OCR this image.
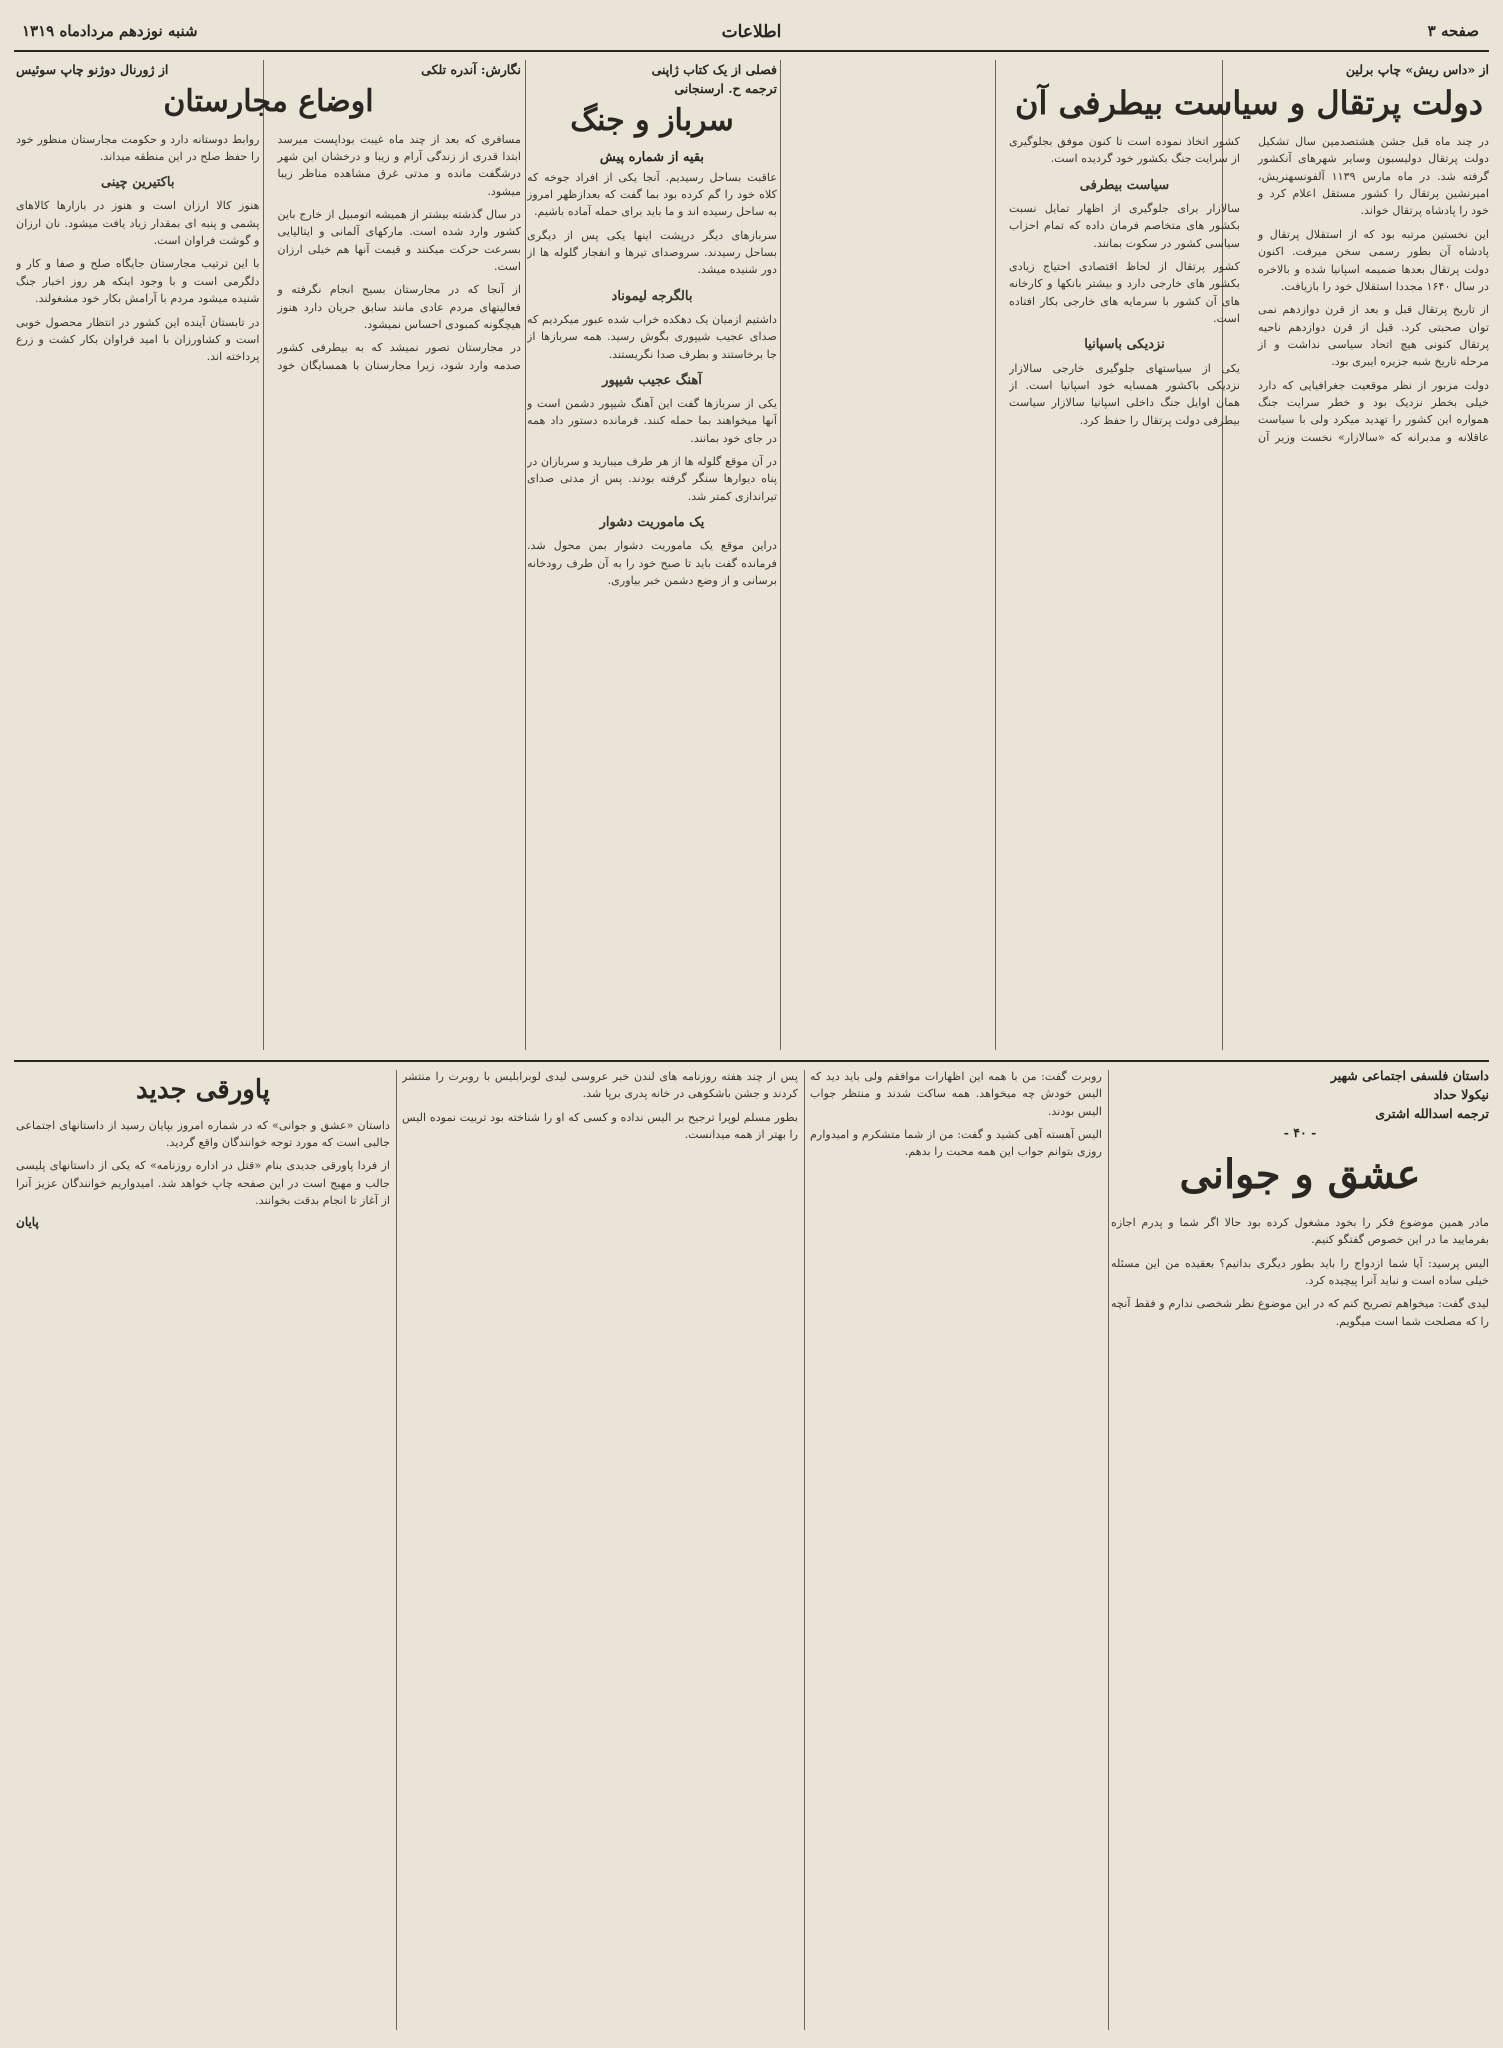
صفحه ۳
اطلاعات
شنبه نوزدهم مردادماه ۱۳۱۹
از «داس ریش» چاپ برلین
دولت پرتقال و سیاست بیطرفی آن

در چند ماه قبل جشن هشتصدمین سال تشکیل دولت پرتقال دولیسبون وسایر شهرهای آنکشور گرفته شد. در ماه مارس ۱۱۳۹ آلفونسهنریش، امیرنشین پرتقال را کشور مستقل اعلام کرد و خود را پادشاه پرتقال خواند.

این نخستین مرتبه بود که از استقلال پرتقال و پادشاه آن بطور رسمی سخن میرفت. اکنون دولت پرتقال بعدها ضمیمه اسپانیا شده و بالاخره در سال ۱۶۴۰ مجددا استقلال خود را بازیافت.

از تاریخ پرتقال قبل و بعد از قرن دوازدهم نمی توان صحبتی کرد. قبل از قرن دوازدهم ناحیه پرتقال کنونی هیچ اتحاد سیاسی نداشت و از مرحله تاریخ شبه جزیره ایبری بود.

دولت مزبور از نظر موقعیت جغرافیایی که دارد خیلی بخطر نزدیک بود و خطر سرایت جنگ همواره این کشور را تهدید میکرد ولی با سیاست عاقلانه و مدبرانه که «سالازار» نخست وزیر آن کشور اتخاذ نموده است تا کنون موفق بجلوگیری از سرایت جنگ بکشور خود گردیده است.

سیاست بیطرفی

سالازار برای جلوگیری از اظهار تمایل نسبت بکشور های متخاصم فرمان داده که تمام احزاب سیاسی کشور در سکوت بمانند.

کشور پرتقال از لحاظ اقتصادی احتیاج زیادی بکشور های خارجی دارد و بیشتر بانکها و کارخانه های آن کشور با سرمایه های خارجی بکار افتاده است.

نزدیکی باسپانیا

یکی از سیاستهای جلوگیری خارجی سالازار نزدیکی باکشور همسایه خود اسپانیا است. از همان اوایل جنگ داخلی اسپانیا سالازار سیاست بیطرفی دولت پرتقال را حفظ کرد.

فصلی از یک کتاب ژاپنی
ترجمه ح. ارسنجانی
سرباز و جنگ
بقیه از شماره پیش

عاقبت بساحل رسیدیم. آنجا یکی از افراد جوخه که کلاه خود را گم کرده بود بما گفت که بعدازظهر امروز به ساحل رسیده اند و ما باید برای حمله آماده باشیم.

سربازهای دیگر درپشت اینها یکی پس از دیگری بساحل رسیدند. سروصدای تیرها و انفجار گلوله ها از دور شنیده میشد.

بالگرجه لیموناد

داشتیم ازمیان یک دهکده خراب شده عبور میکردیم که صدای عجیب شیپوری بگوش رسید. همه سربازها از جا برخاستند و بطرف صدا نگریستند.

آهنگ عجیب شیپور

یکی از سربازها گفت این آهنگ شیپور دشمن است و آنها میخواهند بما حمله کنند. فرمانده دستور داد همه در جای خود بمانند.

در آن موقع گلوله ها از هر طرف میبارید و سربازان در پناه دیوارها سنگر گرفته بودند. پس از مدتی صدای تیراندازی کمتر شد.

یک ماموریت دشوار

دراین موقع یک ماموریت دشوار بمن محول شد. فرمانده گفت باید تا صبح خود را به آن طرف رودخانه برسانی و از وضع دشمن خبر بیاوری.

از ژورنال دوژنو چاپ سوئیس	نگارش: آندره تلکی
اوضاع مجارستان

مسافری که بعد از چند ماه غیبت بوداپست میرسد ابتدا قدری از زندگی آرام و زیبا و درخشان این شهر درشگفت مانده و مدتی غرق مشاهده مناظر زیبا میشود.

در سال گذشته بیشتر از همیشه اتومبیل از خارج باین کشور وارد شده است. مارکهای آلمانی و ایتالیایی بسرعت حرکت میکنند و قیمت آنها هم خیلی ارزان است.

از آنجا که در مجارستان بسیج انجام نگرفته و فعالیتهای مردم عادی مانند سابق جریان دارد هنوز هیچگونه کمبودی احساس نمیشود.

در مجارستان تصور نمیشد که به بیطرفی کشور صدمه وارد شود، زیرا مجارستان با همسایگان خود روابط دوستانه دارد و حکومت مجارستان منظور خود را حفظ صلح در این منطقه میداند.

باکتیرین چینی

هنوز کالا ارزان است و هنوز در بازارها کالاهای پشمی و پنبه ای بمقدار زیاد یافت میشود. نان ارزان و گوشت فراوان است.

با این ترتیب مجارستان جایگاه صلح و صفا و کار و دلگرمی است و با وجود اینکه هر روز اخبار جنگ شنیده میشود مردم با آرامش بکار خود مشغولند.

در تابستان آینده این کشور در انتظار محصول خوبی است و کشاورزان با امید فراوان بکار کشت و زرع پرداخته اند.

داستان فلسفی اجتماعی شهیر
نیکولا حداد
ترجمه اسدالله اشتری
- ۴۰ -
عشق و جوانی

مادر همین موضوع فکر را بخود مشغول کرده بود حالا اگر شما و پدرم اجازه بفرمایید ما در این خصوص گفتگو کنیم.

الیس پرسید: آیا شما ازدواج را باید بطور دیگری بدانیم؟ بعقیده من این مسئله خیلی ساده است و نباید آنرا پیچیده کرد.

لیدی گفت: میخواهم تصریح کنم که در این موضوع نظر شخصی ندارم و فقط آنچه را که مصلحت شما است میگویم.

روبرت گفت: من با همه این اظهارات موافقم ولی باید دید که الیس خودش چه میخواهد. همه ساکت شدند و منتظر جواب الیس بودند.

الیس آهسته آهی کشید و گفت: من از شما متشکرم و امیدوارم روزی بتوانم جواب این همه محبت را بدهم.

پس از چند هفته روزنامه های لندن خبر عروسی لیدی لوبرابلیس با روبرت را منتشر کردند و جشن باشکوهی در خانه پدری برپا شد.

بطور مسلم لوپرا ترجیح بر الیس نداده و کسی که او را شناخته بود تربیت نموده الیس را بهتر از همه میدانست.

پاورقی جدید

داستان «عشق و جوانی» که در شماره امروز بپایان رسید از داستانهای اجتماعی جالبی است که مورد توجه خوانندگان واقع گردید.

از فردا پاورقی جدیدی بنام «قتل در اداره روزنامه» که یکی از داستانهای پلیسی جالب و مهیج است در این صفحه چاپ خواهد شد. امیدواریم خوانندگان عزیز آنرا از آغاز تا انجام بدقت بخوانند.

پایان
